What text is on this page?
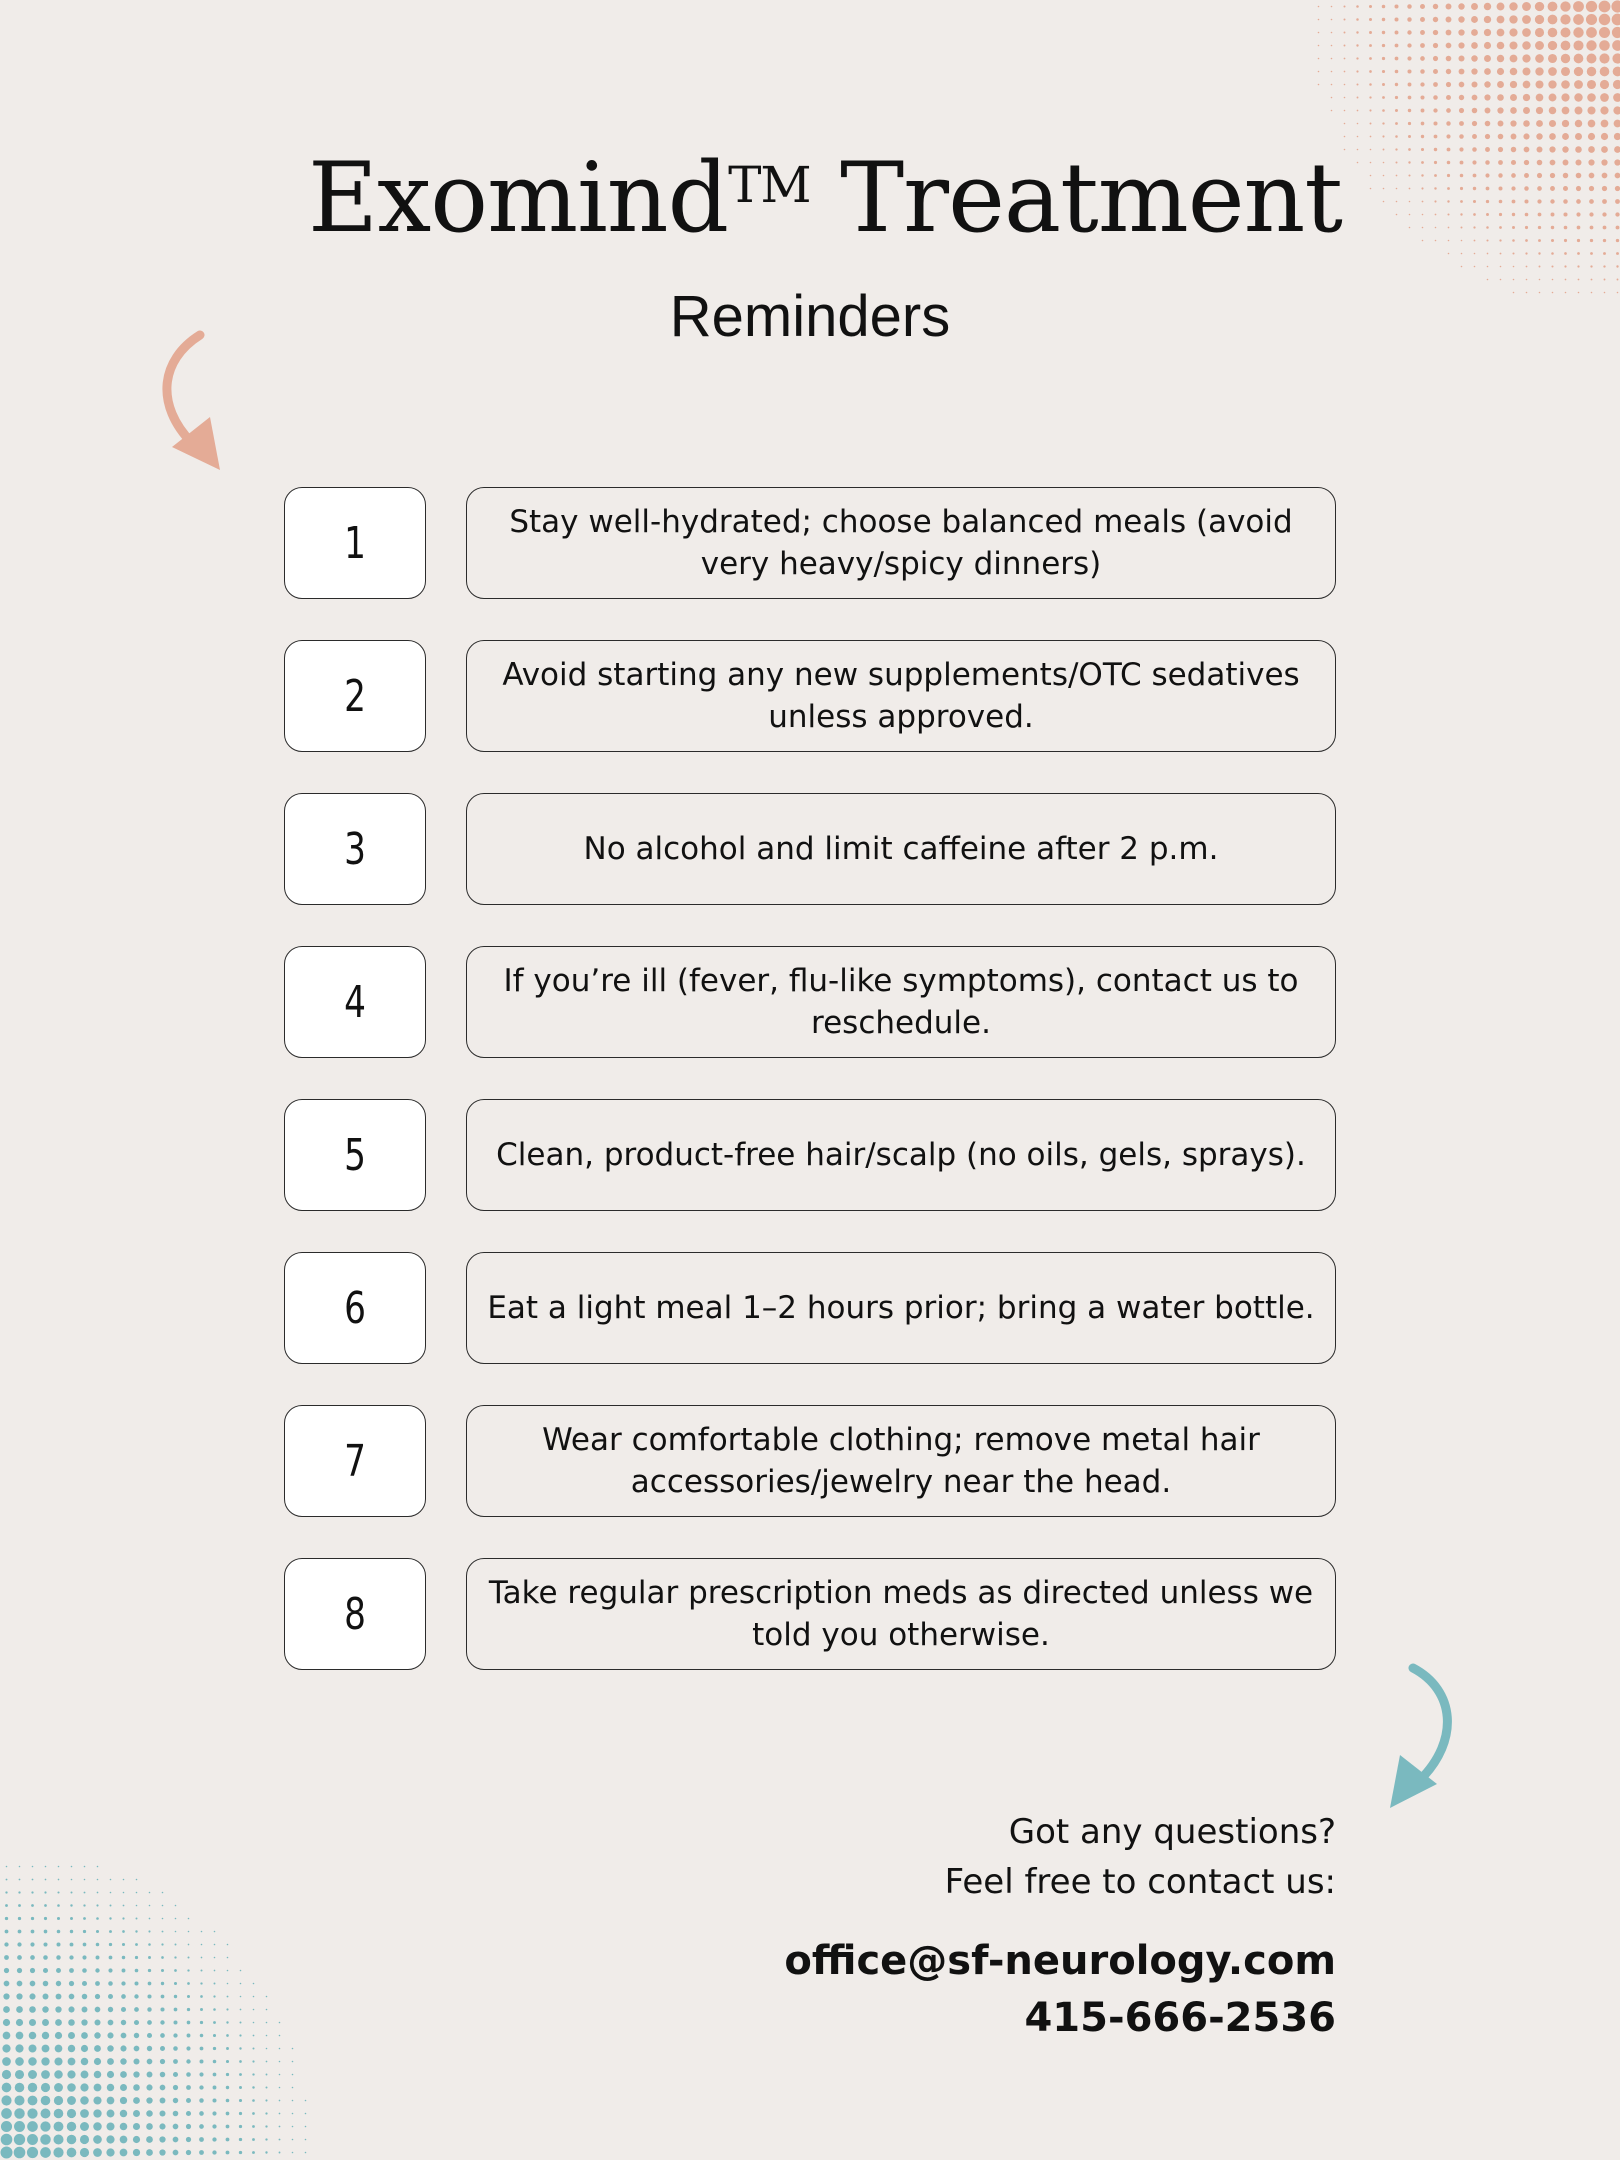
Exomind™ Treatment
Reminders
1	Stay well-hydrated; choose balanced meals (avoid very heavy/spicy dinners)
2	Avoid starting any new supplements/OTC sedatives unless approved.
3	No alcohol and limit caffeine after 2 p.m.
4	If you’re ill (fever, flu-like symptoms), contact us to reschedule.
5	Clean, product-free hair/scalp (no oils, gels, sprays).
6	Eat a light meal 1–2 hours prior; bring a water bottle.
7	Wear comfortable clothing; remove metal hair accessories/jewelry near the head.
8	Take regular prescription meds as directed unless we told you otherwise.
Got any questions?
Feel free to contact us:
office@sf-neurology.com
415-666-2536
